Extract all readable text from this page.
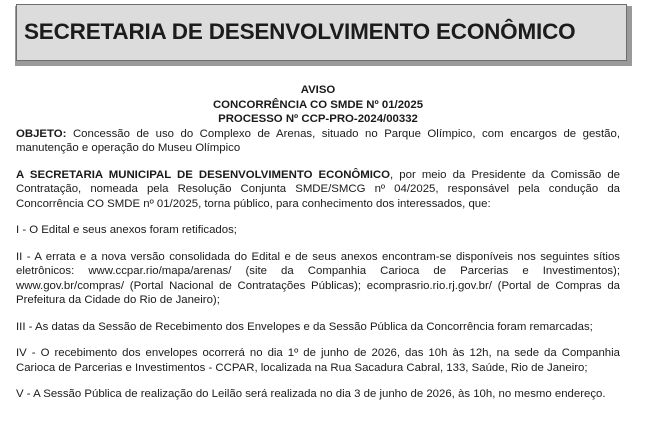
SECRETARIA DE DESENVOLVIMENTO ECONÔMICO
AVISO
CONCORRÊNCIA CO SMDE Nº 01/2025
PROCESSO Nº CCP-PRO-2024/00332

OBJETO: Concessão de uso do Complexo de Arenas, situado no Parque Olímpico, com encargos de gestão, manutenção e operação do Museu Olímpico

A SECRETARIA MUNICIPAL DE DESENVOLVIMENTO ECONÔMICO, por meio da Presidente da Comissão de Contratação, nomeada pela Resolução Conjunta SMDE/SMCG nº 04/2025, responsável pela condução da Concorrência CO SMDE nº 01/2025, torna público, para conhecimento dos interessados, que:

I - O Edital e seus anexos foram retificados;

II - A errata e a nova versão consolidada do Edital e de seus anexos encontram-se disponíveis nos seguintes sítios eletrônicos: www.ccpar.rio/mapa/arenas/ (site da Companhia Carioca de Parcerias e Investimentos); www.gov.br/compras/ (Portal Nacional de Contratações Públicas); ecomprasrio.rio.rj.gov.br/ (Portal de Compras da Prefeitura da Cidade do Rio de Janeiro);

III - As datas da Sessão de Recebimento dos Envelopes e da Sessão Pública da Concorrência foram remarcadas;

IV - O recebimento dos envelopes ocorrerá no dia 1º de junho de 2026, das 10h às 12h, na sede da Companhia Carioca de Parcerias e Investimentos - CCPAR, localizada na Rua Sacadura Cabral, 133, Saúde, Rio de Janeiro;

V - A Sessão Pública de realização do Leilão será realizada no dia 3 de junho de 2026, às 10h, no mesmo endereço.
